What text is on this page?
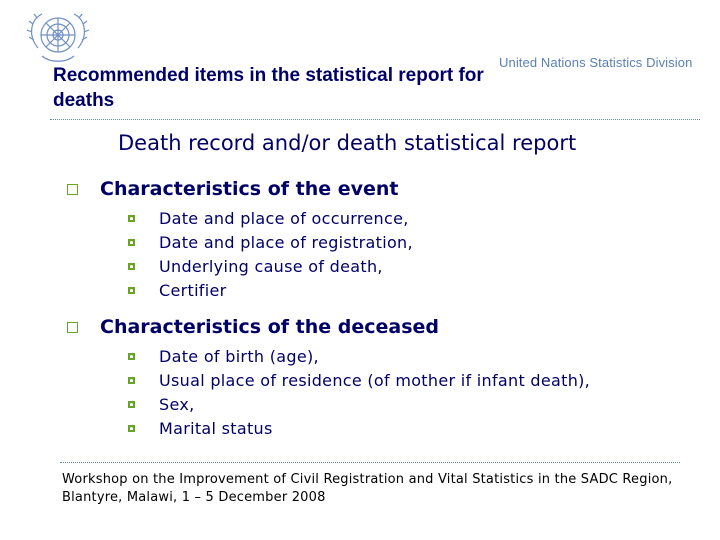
Recommended items in the statistical report for deaths
United Nations Statistics Division
Death record and/or death statistical report
Characteristics of the event
Date and place of occurrence,
Date and place of registration,
Underlying cause of death,
Certifier
Characteristics of the deceased
Date of birth (age),
Usual place of residence (of mother if infant death),
Sex,
Marital status
Workshop on the Improvement of Civil Registration and Vital Statistics in the SADC Region, Blantyre, Malawi, 1 – 5 December 2008
